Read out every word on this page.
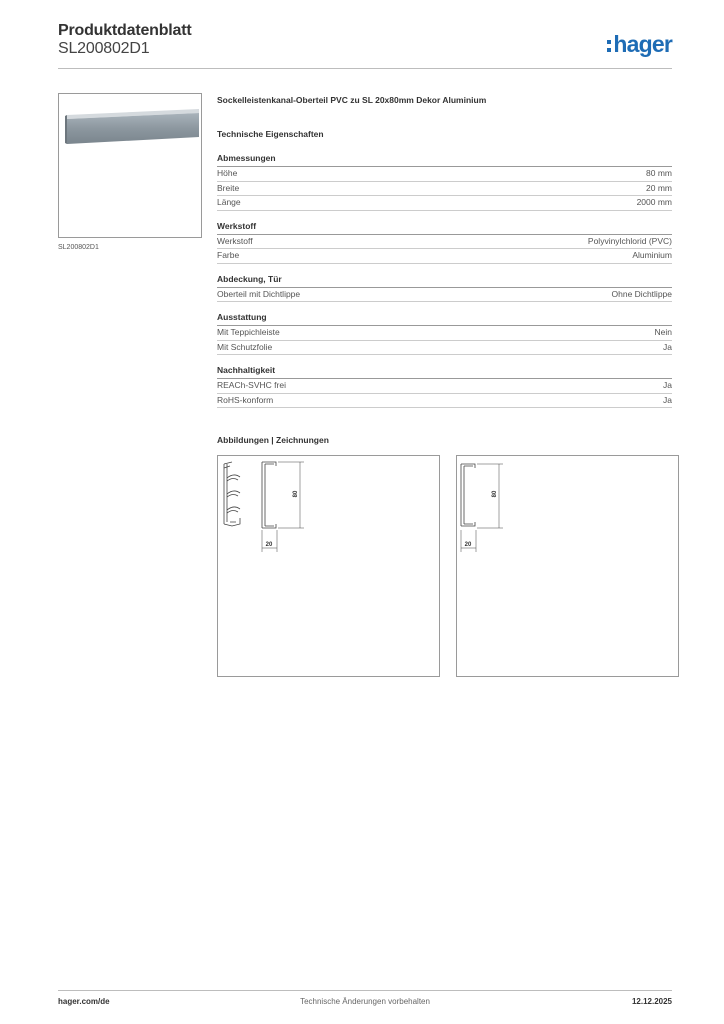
Produktdatenblatt
SL200802D1	hager
SL200802D1
Sockelleistenkanal-Oberteil PVC zu SL 20x80mm Dekor Aluminium
Technische Eigenschaften
Abmessungen
Höhe	80 mm
Breite	20 mm
Länge	2000 mm
Werkstoff
Werkstoff	Polyvinylchlorid (PVC)
Farbe	Aluminium
Abdeckung, Tür
Oberteil mit Dichtlippe	Ohne Dichtlippe
Ausstattung
Mit Teppichleiste	Nein
Mit Schutzfolie	Ja
Nachhaltigkeit
REACh-SVHC frei	Ja
RoHS-konform	Ja
Abbildungen | Zeichnungen
80
20
80
20
Technische Änderungen vorbehalten
hager.com/de	12.12.2025
